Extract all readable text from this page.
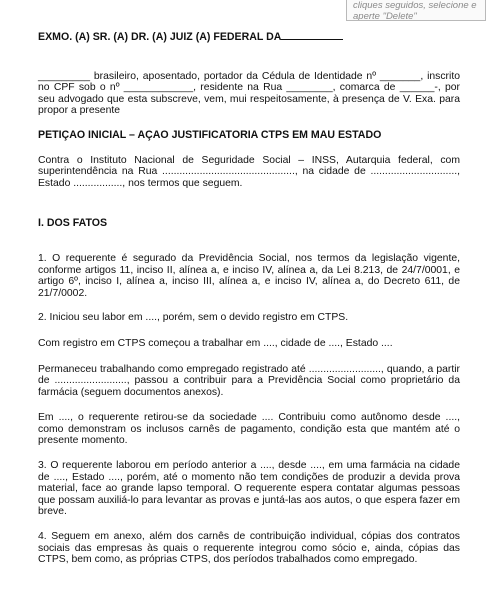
cliques seguidos, selecione e aperte "Delete"

EXMO. (A) SR. (A) DR. (A) JUIZ (A) FEDERAL DA

_________ brasileiro, aposentado, portador da Cédula de Identidade nº _______, inscrito no CPF sob o nº ____________, residente na Rua ________, comarca de ______-, por seu advogado que esta subscreve, vem, mui respeitosamente, à presença de V. Exa. para propor a presente

PETIÇAO INICIAL – AÇAO JUSTIFICATORIA CTPS EM MAU ESTADO

Contra o Instituto Nacional de Seguridade Social – INSS, Autarquia federal, com superintendência na Rua .............................................., na cidade de .............................., Estado ................., nos termos que seguem.

I. DOS FATOS

1. O requerente é segurado da Previdência Social, nos termos da legislação vigente, conforme artigos 11, inciso II, alínea a, e inciso IV, alínea a, da Lei 8.213, de 24/7/0001, e artigo 6º, inciso I, alínea a, inciso III, alínea a, e inciso IV, alínea a, do Decreto 611, de 21/7/0002.

2. Iniciou seu labor em ...., porém, sem o devido registro em CTPS.

Com registro em CTPS começou a trabalhar em ...., cidade de ...., Estado ....

Permaneceu trabalhando como empregado registrado até ........................., quando, a partir de ........................., passou a contribuir para a Previdência Social como proprietário da farmácia (seguem documentos anexos).

Em ...., o requerente retirou-se da sociedade .... Contribuiu como autônomo desde ...., como demonstram os inclusos carnês de pagamento, condição esta que mantém até o presente momento.

3. O requerente laborou em período anterior a ...., desde ...., em uma farmácia na cidade de ...., Estado ...., porém, até o momento não tem condições de produzir a devida prova material, face ao grande lapso temporal. O requerente espera contatar algumas pessoas que possam auxiliá-lo para levantar as provas e juntá-las aos autos, o que espera fazer em breve.

4. Seguem em anexo, além dos carnês de contribuição individual, cópias dos contratos sociais das empresas às quais o requerente integrou como sócio e, ainda, cópias das CTPS, bem como, as próprias CTPS, dos períodos trabalhados como empregado.
